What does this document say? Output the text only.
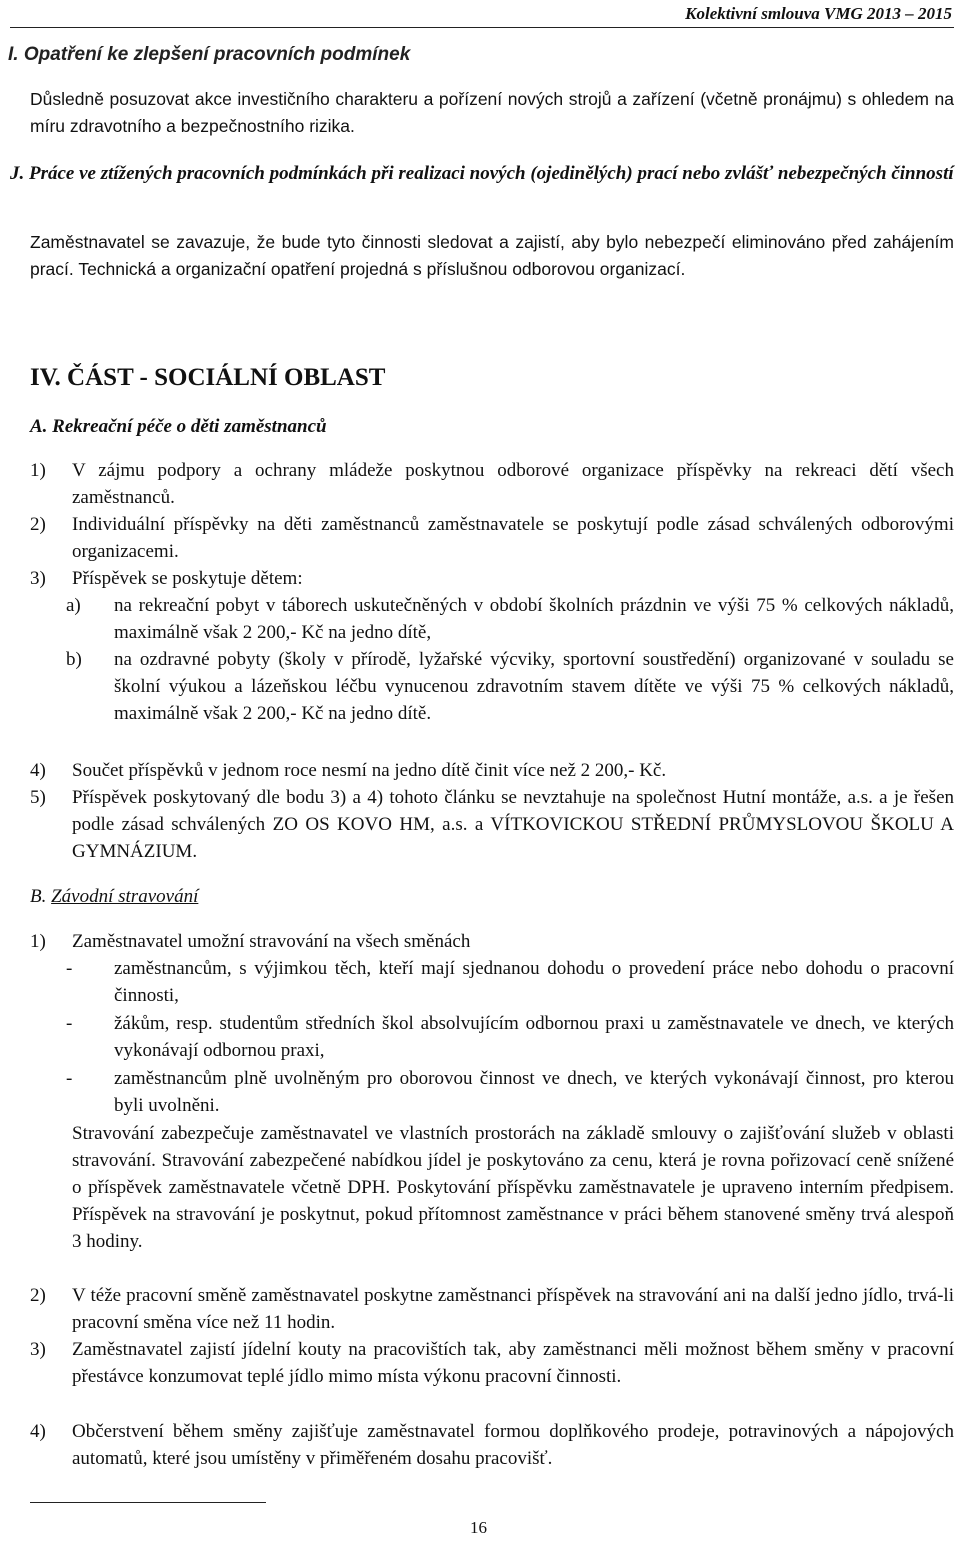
Kolektivní smlouva VMG 2013 – 2015
I. Opatření ke zlepšení pracovních podmínek

Důsledně posuzovat akce investičního charakteru a pořízení nových strojů a zařízení (včetně pronájmu) s ohledem na míru zdravotního a bezpečnostního rizika.

J. Práce ve ztížených pracovních podmínkách při realizaci nových (ojedinělých) prací nebo zvlášť nebezpečných činností

Zaměstnavatel se zavazuje, že bude tyto činnosti sledovat a zajistí, aby bylo nebezpečí eliminováno před zahájením prací. Technická a organizační opatření projedná s příslušnou odborovou organizací.

IV. ČÁST - SOCIÁLNÍ OBLAST
A. Rekreační péče o děti zaměstnanců
1) V zájmu podpory a ochrany mládeže poskytnou odborové organizace příspěvky na rekreaci dětí všech zaměstnanců.
2) Individuální příspěvky na děti zaměstnanců zaměstnavatele se poskytují podle zásad schválených odborovými organizacemi.
3) Příspěvek se poskytuje dětem:
a) na rekreační pobyt v táborech uskutečněných v období školních prázdnin ve výši 75 % celkových nákladů, maximálně však 2 200,- Kč na jedno dítě,
b) na ozdravné pobyty (školy v přírodě, lyžařské výcviky, sportovní soustředění) organizované v souladu se školní výukou a lázeňskou léčbu vynucenou zdravotním stavem dítěte ve výši 75 % celkových nákladů, maximálně však 2 200,- Kč na jedno dítě.
4) Součet příspěvků v jednom roce nesmí na jedno dítě činit více než 2 200,- Kč.
5) Příspěvek poskytovaný dle bodu 3) a 4) tohoto článku se nevztahuje na společnost Hutní montáže, a.s. a je řešen podle zásad schválených ZO OS KOVO HM, a.s. a VÍTKOVICKOU STŘEDNÍ PRŮMYSLOVOU ŠKOLU A GYMNÁZIUM.
B. Závodní stravování
1) Zaměstnavatel umožní stravování na všech směnách
- zaměstnancům, s výjimkou těch, kteří mají sjednanou dohodu o provedení práce nebo dohodu o pracovní činnosti,
- žákům, resp. studentům středních škol absolvujícím odbornou praxi u zaměstnavatele ve dnech, ve kterých vykonávají odbornou praxi,
- zaměstnancům plně uvolněným pro oborovou činnost ve dnech, ve kterých vykonávají činnost, pro kterou byli uvolněni.

Stravování zabezpečuje zaměstnavatel ve vlastních prostorách na základě smlouvy o zajišťování služeb v oblasti stravování. Stravování zabezpečené nabídkou jídel je poskytováno za cenu, která je rovna pořizovací ceně snížené o příspěvek zaměstnavatele včetně DPH. Poskytování příspěvku zaměstnavatele je upraveno interním předpisem. Příspěvek na stravování je poskytnut, pokud přítomnost zaměstnance v práci během stanovené směny trvá alespoň 3 hodiny.

2) V téže pracovní směně zaměstnavatel poskytne zaměstnanci příspěvek na stravování ani na další jedno jídlo, trvá-li pracovní směna více než 11 hodin.
3) Zaměstnavatel zajistí jídelní kouty na pracovištích tak, aby zaměstnanci měli možnost během směny v pracovní přestávce konzumovat teplé jídlo mimo místa výkonu pracovní činnosti.
4) Občerstvení během směny zajišťuje zaměstnavatel formou doplňkového prodeje, potravinových a nápojových automatů, které jsou umístěny v přiměřeném dosahu pracovišť.
16
